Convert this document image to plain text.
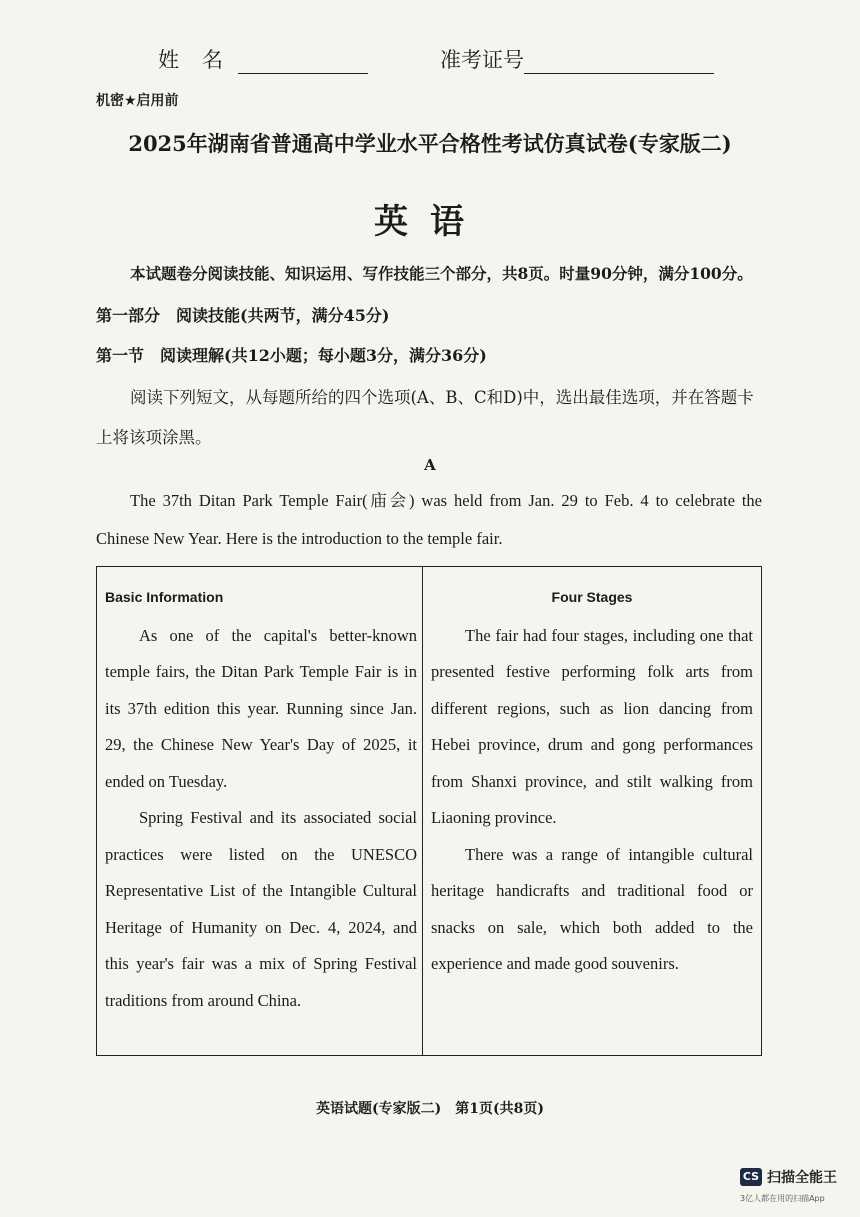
姓　名	准考证号
机密★启用前
2025年湖南省普通高中学业水平合格性考试仿真试卷(专家版二)
英语
本试题卷分阅读技能、知识运用、写作技能三个部分，共8页。时量90分钟，满分100分。
第一部分　阅读技能(共两节，满分45分)
第一节　阅读理解(共12小题；每小题3分，满分36分)
阅读下列短文，从每题所给的四个选项(A、B、C和D)中，选出最佳选项，并在答题卡上将该项涂黑。
A
The 37th Ditan Park Temple Fair(庙会) was held from Jan. 29 to Feb. 4 to celebrate the Chinese New Year. Here is the introduction to the temple fair.
Basic Information

As one of the capital's better-known temple fairs, the Ditan Park Temple Fair is in its 37th edition this year. Running since Jan. 29, the Chinese New Year's Day of 2025, it ended on Tuesday.

Spring Festival and its associated social practices were listed on the UNESCO Representative List of the Intangible Cultural Heritage of Humanity on Dec. 4, 2024, and this year's fair was a mix of Spring Festival traditions from around China.

Four Stages

The fair had four stages, including one that presented festive performing folk arts from different regions, such as lion dancing from Hebei province, drum and gong performances from Shanxi province, and stilt walking from Liaoning province.

There was a range of intangible cultural heritage handicrafts and traditional food or snacks on sale, which both added to the experience and made good souvenirs.

英语试题(专家版二)　第1页(共8页)
CS 扫描全能王
3亿人都在用的扫描App
